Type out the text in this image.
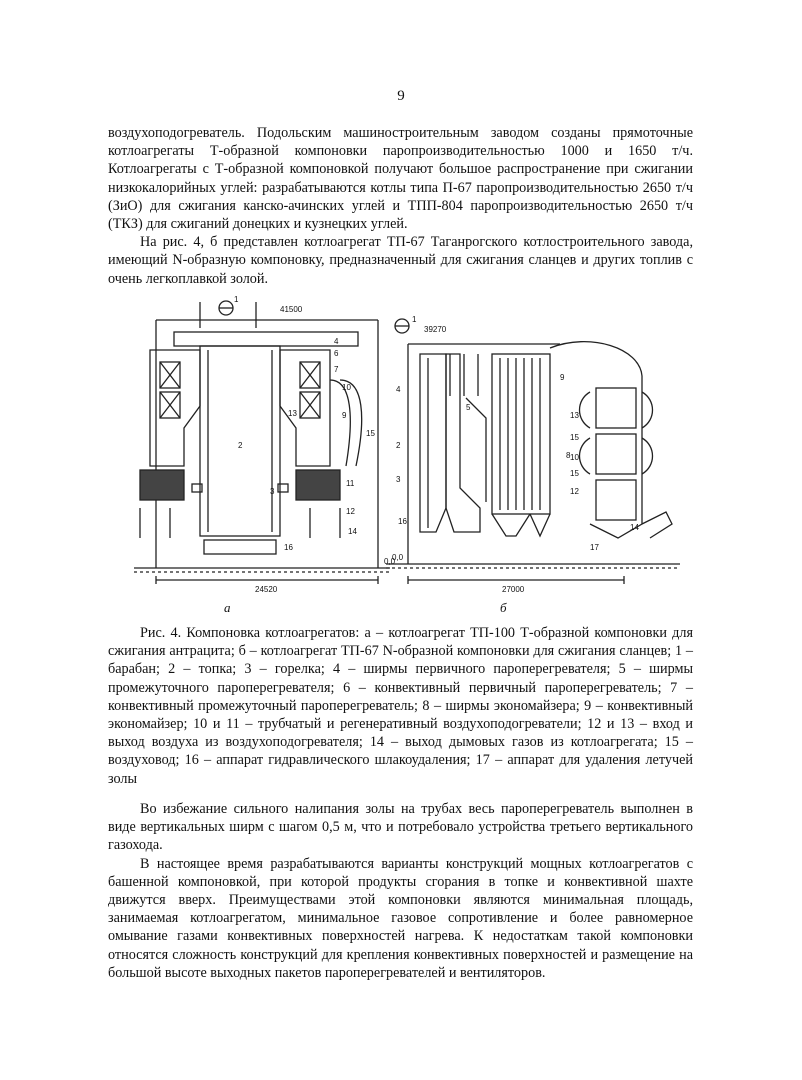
9

воздухоподогреватель. Подольским машиностроительным заводом созданы прямоточные котлоагрегаты Т-образной компоновки паропроизводительностью 1000 и 1650 т/ч. Котлоагрегаты с Т-образной компоновкой получают большое распространение при сжигании низкокалорийных углей: разрабатываются котлы типа П-67 паропроизводительностью 2650 т/ч (ЗиО) для сжигания канско-ачинских углей и ТПП-804 паропроизводительностью 2650 т/ч (ТКЗ) для сжиганий донецких и кузнецких углей.

На рис. 4, б представлен котлоагрегат ТП-67 Таганрогского котлостроительного завода, имеющий N-образную компоновку, предназначенный для сжигания сланцев и других топлив с очень легкоплавкой золой.

41500
0,0
24520
1
4
6
7
10
13	9
15
2
3
11
12
14
16
а
39270
0,0
27000
1
4
5
2
3
16
8
9
13
15
10
15
12
14
17
б
Рис. 4. Компоновка котлоагрегатов: а – котлоагрегат ТП-100 Т-образной компоновки для сжигания антрацита; б – котлоагрегат ТП-67 N-образной компоновки для сжигания сланцев; 1 – барабан; 2 – топка; 3 – горелка; 4 – ширмы первичного пароперегревателя; 5 – ширмы промежуточного пароперегревателя; 6 – конвективный первичный пароперегреватель; 7 – конвективный промежуточный пароперегреватель; 8 – ширмы экономайзера; 9 – конвективный экономайзер; 10 и 11 – трубчатый и регенеративный воздухоподогреватели; 12 и 13 – вход и выход воздуха из воздухоподогревателя; 14 – выход дымовых газов из котлоагрегата; 15 – воздуховод; 16 – аппарат гидравлического шлакоудаления; 17 – аппарат для удаления летучей золы

Во избежание сильного налипания золы на трубах весь пароперегреватель выполнен в виде вертикальных ширм с шагом 0,5 м, что и потребовало устройства третьего вертикального газохода.

В настоящее время разрабатываются варианты конструкций мощных котлоагрегатов с башенной компоновкой, при которой продукты сгорания в топке и конвективной шахте движутся вверх. Преимуществами этой компоновки являются минимальная площадь, занимаемая котлоагрегатом, минимальное газовое сопротивление и более равномерное омывание газами конвективных поверхностей нагрева. К недостаткам такой компоновки относятся сложность конструкций для крепления конвективных поверхностей и размещение на большой высоте выходных пакетов пароперегревателей и вентиляторов.
